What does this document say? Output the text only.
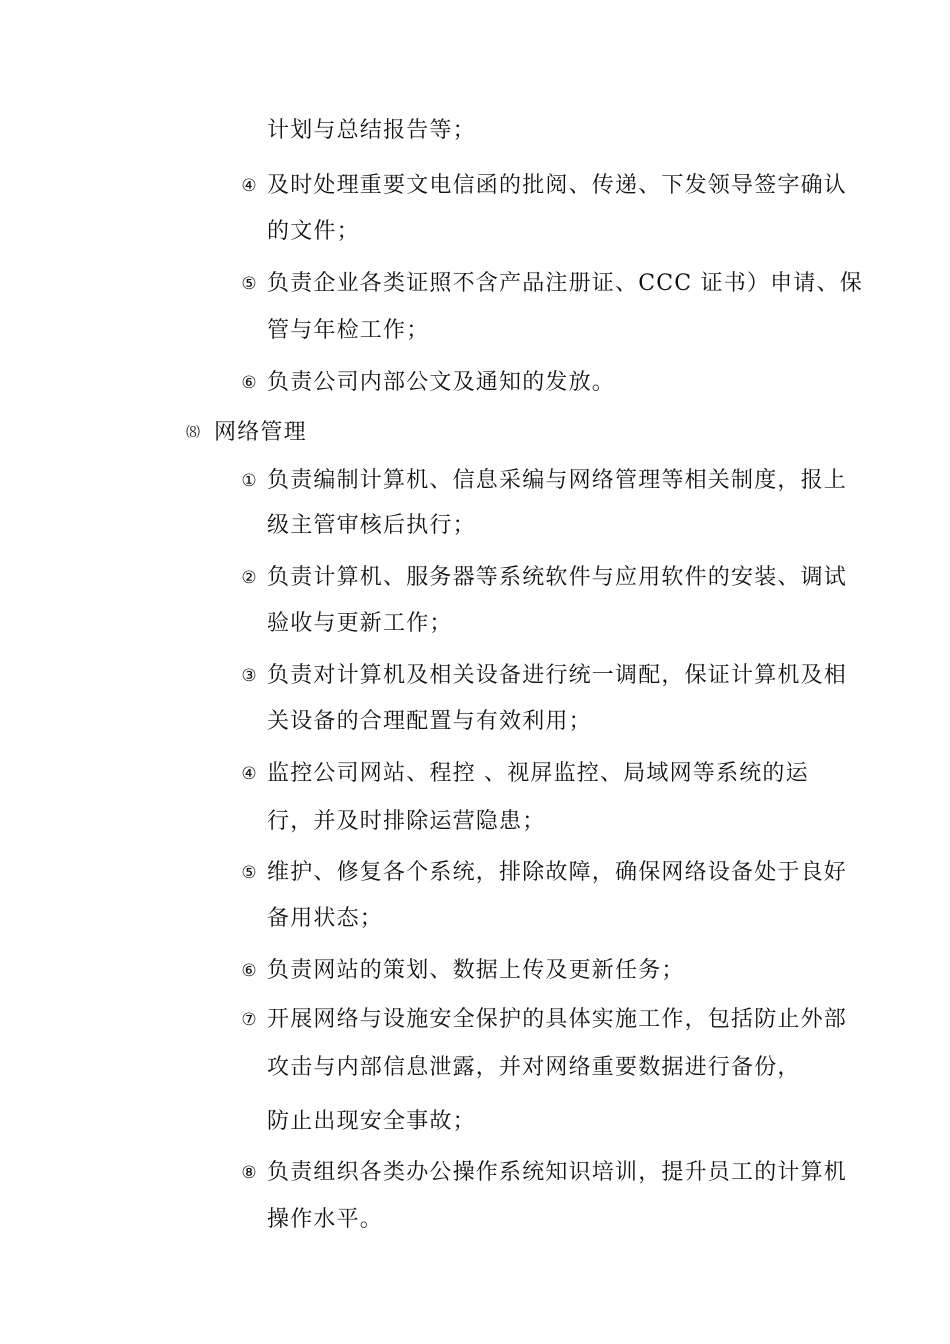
计划与总结报告等；
④ 及时处理重要文电信函的批阅、传递、下发领导签字确认
的文件；
⑤ 负责企业各类证照不含产品注册证、CCC 证书）申请、保
管与年检工作；
⑥ 负责公司内部公文及通知的发放。
⑻ 网络管理
① 负责编制计算机、信息采编与网络管理等相关制度，报上
级主管审核后执行；
② 负责计算机、服务器等系统软件与应用软件的安装、调试
验收与更新工作；
③ 负责对计算机及相关设备进行统一调配，保证计算机及相
关设备的合理配置与有效利用；
④ 监控公司网站、程控 、视屏监控、局域网等系统的运
行，并及时排除运营隐患；
⑤ 维护、修复各个系统，排除故障，确保网络设备处于良好
备用状态；
⑥ 负责网站的策划、数据上传及更新任务；
⑦ 开展网络与设施安全保护的具体实施工作，包括防止外部
攻击与内部信息泄露，并对网络重要数据进行备份，
防止出现安全事故；
⑧ 负责组织各类办公操作系统知识培训，提升员工的计算机
操作水平。
